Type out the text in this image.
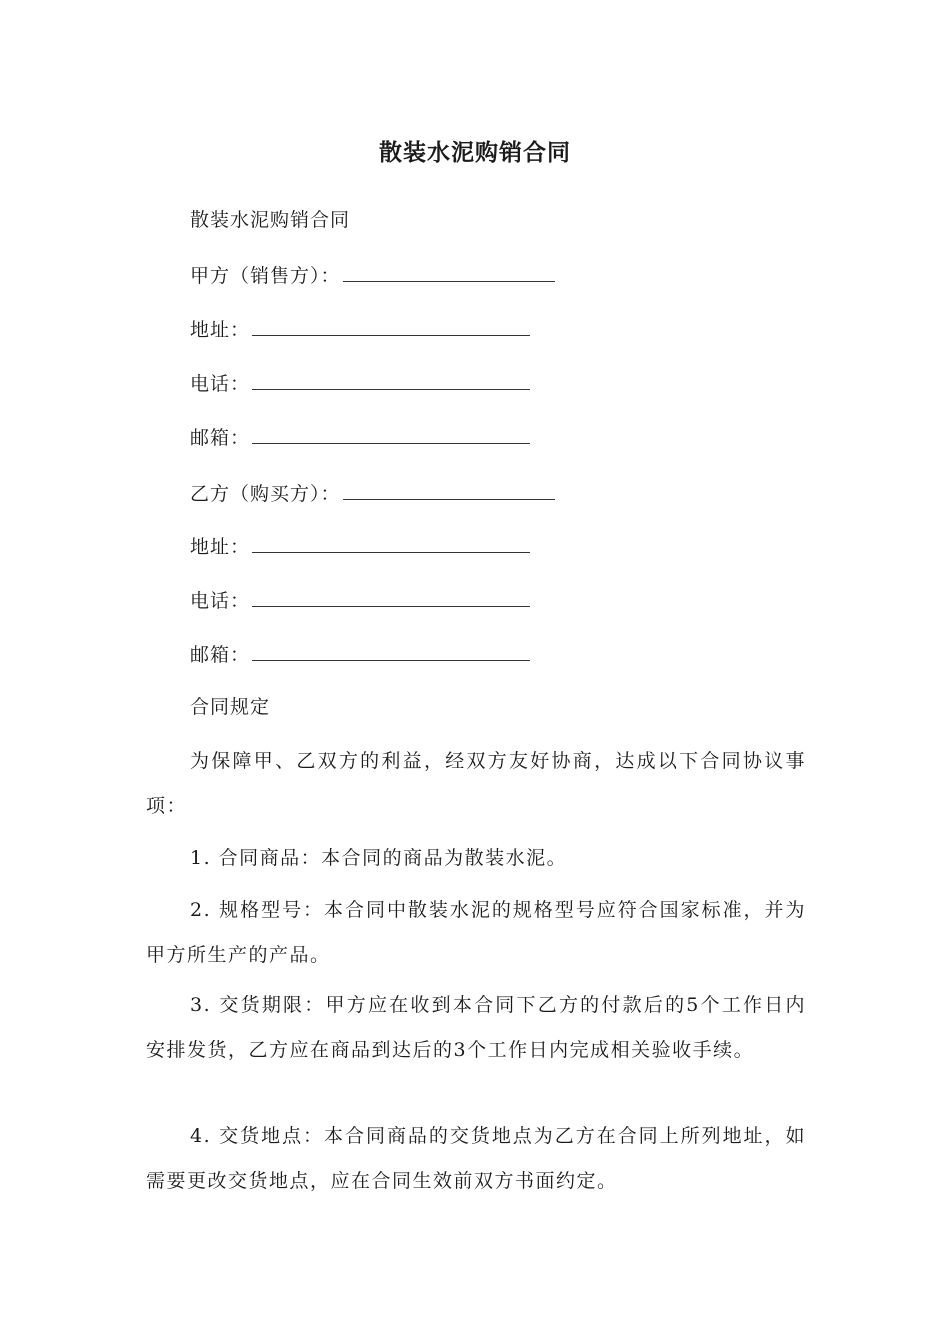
散装水泥购销合同
散装水泥购销合同
甲方（销售方）：
地址：
电话：
邮箱：
乙方（购买方）：
地址：
电话：
邮箱：
合同规定
为保障甲、乙双方的利益，经双方友好协商，达成以下合同协议事项：
1. 合同商品：本合同的商品为散装水泥。
2. 规格型号：本合同中散装水泥的规格型号应符合国家标准，并为甲方所生产的产品。
3. 交货期限：甲方应在收到本合同下乙方的付款后的5个工作日内安排发货，乙方应在商品到达后的3个工作日内完成相关验收手续。
4. 交货地点：本合同商品的交货地点为乙方在合同上所列地址，如需要更改交货地点，应在合同生效前双方书面约定。
